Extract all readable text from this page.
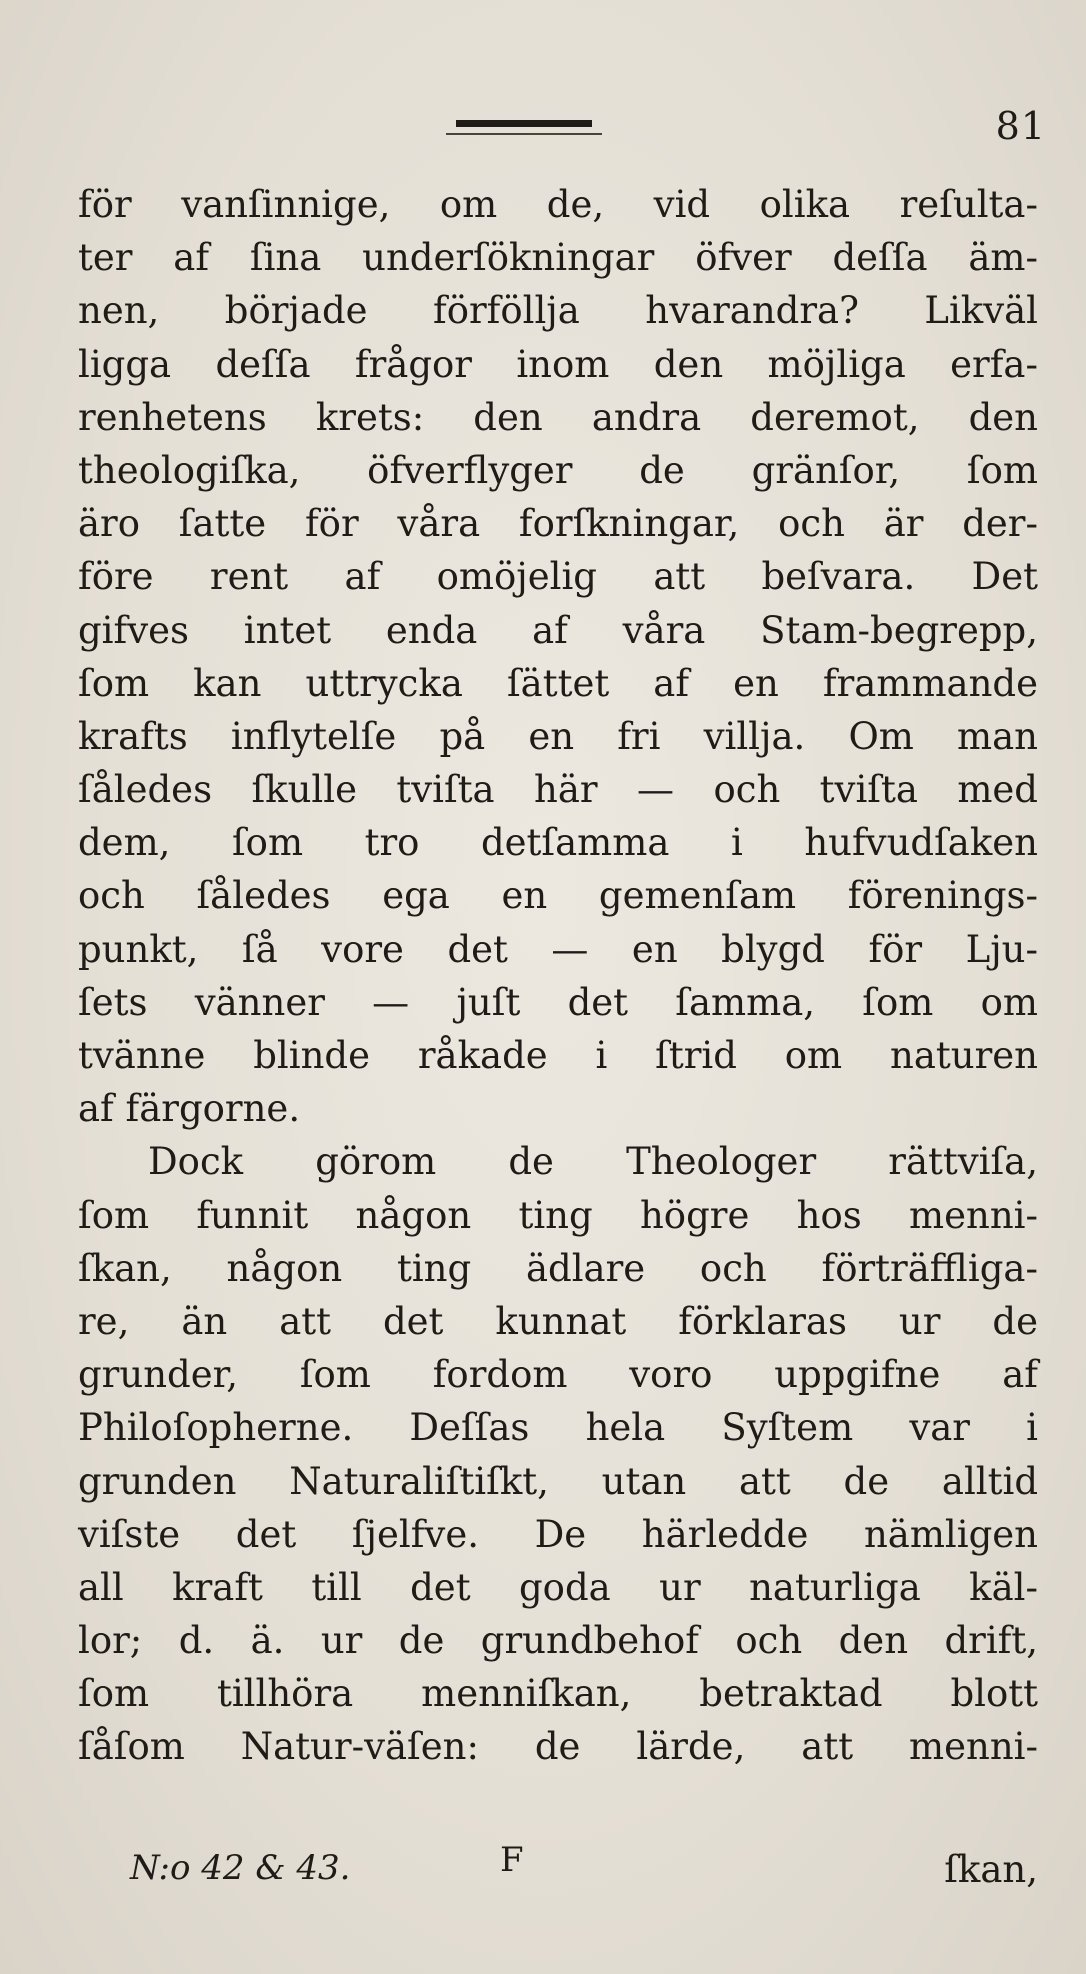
81
för vanſinnige, om de, vid olika reſulta-
ter af ſina underſökningar öfver deſſa äm-
nen, började förföllja hvarandra? Likväl
ligga deſſa frågor inom den möjliga erfa-
renhetens krets: den andra deremot, den
theologiſka, öfverflyger de gränſor, ſom
äro ſatte för våra forſkningar, och är der-
före rent af omöjelig att beſvara. Det
gifves intet enda af våra Stam-begrepp,
ſom kan uttrycka ſättet af en frammande
krafts inflytelſe på en fri villja. Om man
ſåledes ſkulle tviſta här — och tviſta med
dem, ſom tro detſamma i hufvudſaken
och ſåledes ega en gemenſam förenings-
punkt, ſå vore det — en blygd för Lju-
ſets vänner — juſt det ſamma, ſom om
tvänne blinde råkade i ſtrid om naturen
af färgorne.
Dock görom de Theologer rättviſa,
ſom funnit någon ting högre hos menni-
ſkan, någon ting ädlare och förträffliga-
re, än att det kunnat förklaras ur de
grunder, ſom fordom voro uppgifne af
Philoſopherne. Deſſas hela Syſtem var i
grunden Naturaliſtiſkt, utan att de alltid
viſste det ſjelfve. De härledde nämligen
all kraft till det goda ur naturliga käl-
lor; d. ä. ur de grundbehof och den drift,
ſom tillhöra menniſkan, betraktad blott
ſåſom Natur-väſen: de lärde, att menni-
N:o 42 & 43.	F	ſkan,
